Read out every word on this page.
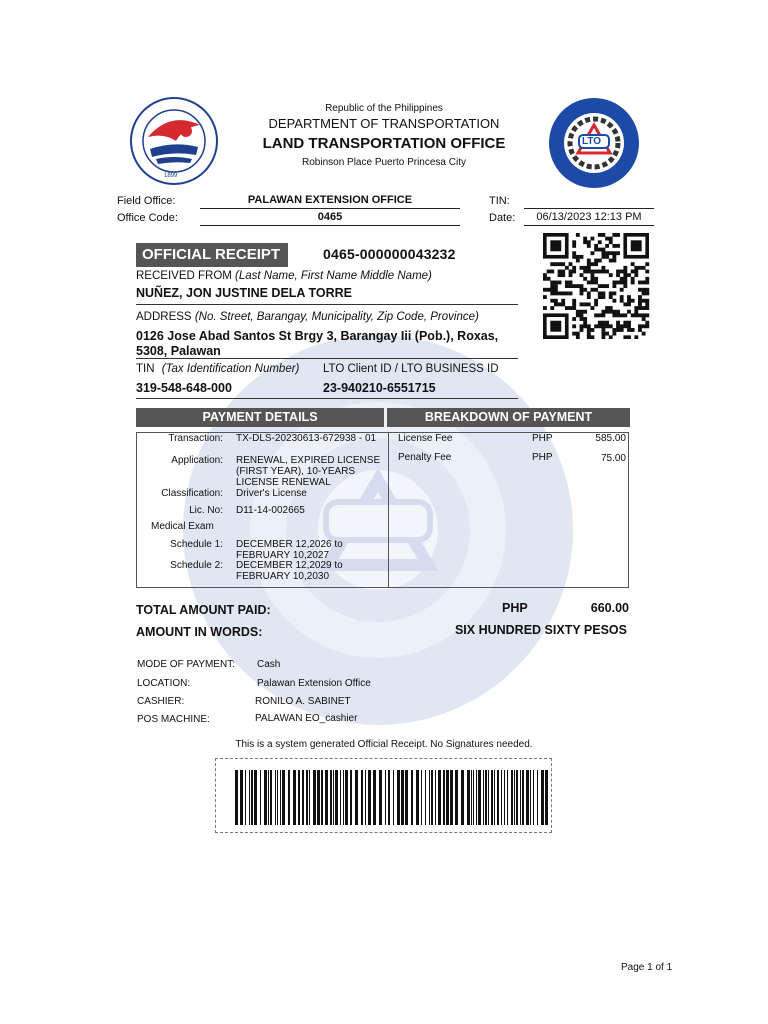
1899
LTO
Republic of the Philippines
DEPARTMENT OF TRANSPORTATION
LAND TRANSPORTATION OFFICE
Robinson Place Puerto Princesa City
Field Office:	PALAWAN EXTENSION OFFICE
Office Code:	0465
TIN:
Date:	06/13/2023 12:13 PM
OFFICIAL RECEIPT	0465-000000043232
RECEIVED FROM (Last Name, First Name Middle Name)
NUÑEZ, JON JUSTINE DELA TORRE
ADDRESS (No. Street, Barangay, Municipality, Zip Code, Province)
0126 Jose Abad Santos St Brgy 3, Barangay Iii (Pob.), Roxas,
5308, Palawan
TIN (Tax Identification Number) LTO Client ID / LTO BUSINESS ID
319-548-648-000	23-940210-6551715
PAYMENT DETAILS	BREAKDOWN OF PAYMENT
Transaction: TX-DLS-20230613-672938 - 01
Application: RENEWAL, EXPIRED LICENSE (FIRST YEAR), 10-YEARS LICENSE RENEWAL
Classification: Driver's License
Lic. No: D11-14-002665
Medical Exam
Schedule 1: DECEMBER 12,2026 to FEBRUARY 10,2027
Schedule 2: DECEMBER 12,2029 to FEBRUARY 10,2030
License Fee	PHP	585.00
Penalty Fee	PHP	75.00
TOTAL AMOUNT PAID:	PHP	660.00
AMOUNT IN WORDS:	SIX HUNDRED SIXTY PESOS
MODE OF PAYMENT: Cash
LOCATION:	Palawan Extension Office
CASHIER:	RONILO A. SABINET
POS MACHINE:	PALAWAN EO_cashier
This is a system generated Official Receipt. No Signatures needed.
Page 1 of 1
